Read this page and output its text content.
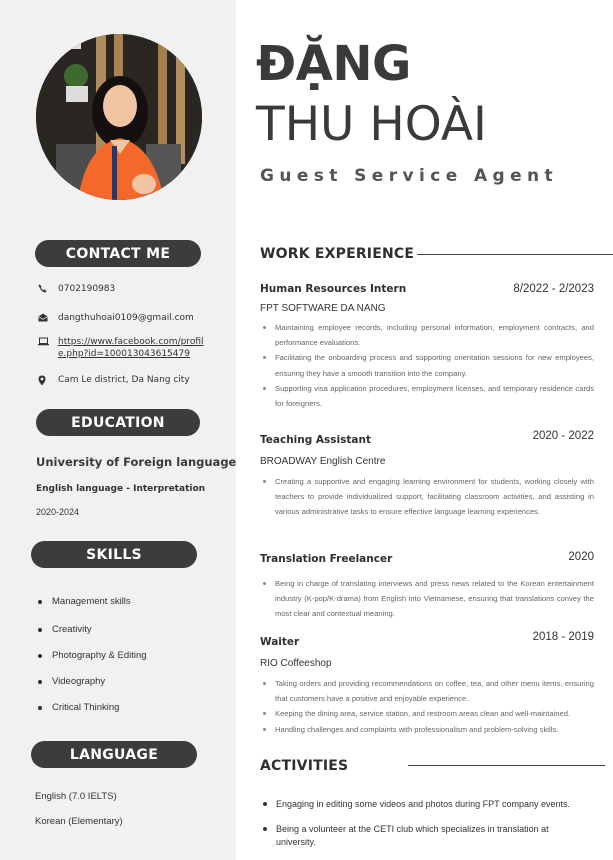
CONTACT ME
0702190983
dangthuhoai0109@gmail.com
https://www.facebook.com/profile.php?id=100013043615479
Cam Le district, Da Nang city
EDUCATION
University of Foreign language
English language - Interpretation
2020-2024
SKILLS
Management skills
Creativity
Photography & Editing
Videography
Critical Thinking
LANGUAGE
English (7.0 IELTS)
Korean (Elementary)
ĐẶNG
THU HOÀI
Guest Service Agent
WORK EXPERIENCE
Human Resources Intern	8/2022 - 2/2023
FPT SOFTWARE DA NANG
Maintaining employee records, including personal information, employment contracts, and performance evaluations.
Facilitating the onboarding process and supporting orientation sessions for new employees, ensuring they have a smooth transition into the company.
Supporting visa application procedures, employment licenses, and temporary residence cards for foreigners.
Teaching Assistant	2020 - 2022
BROADWAY English Centre
Creating a supportive and engaging learning environment for students, working closely with teachers to provide individualized support, facilitating classroom activities, and assisting in various administrative tasks to ensure effective language learning experiences.
Translation Freelancer	2020
Being in charge of translating interviews and press news related to the Korean entertainment industry (K-pop/K-drama) from English into Vietnamese, ensuring that translations convey the most clear and contextual meaning.
Waiter	2018 - 2019
RIO Coffeeshop
Taking orders and providing recommendations on coffee, tea, and other menu items, ensuring that customers have a positive and enjoyable experience.
Keeping the dining area, service station, and restroom areas clean and well-maintained.
Handling challenges and complaints with professionalism and problem-solving skills.
ACTIVITIES
Engaging in editing some videos and photos during FPT company events.
Being a volunteer at the CETI club which specializes in translation at university.
